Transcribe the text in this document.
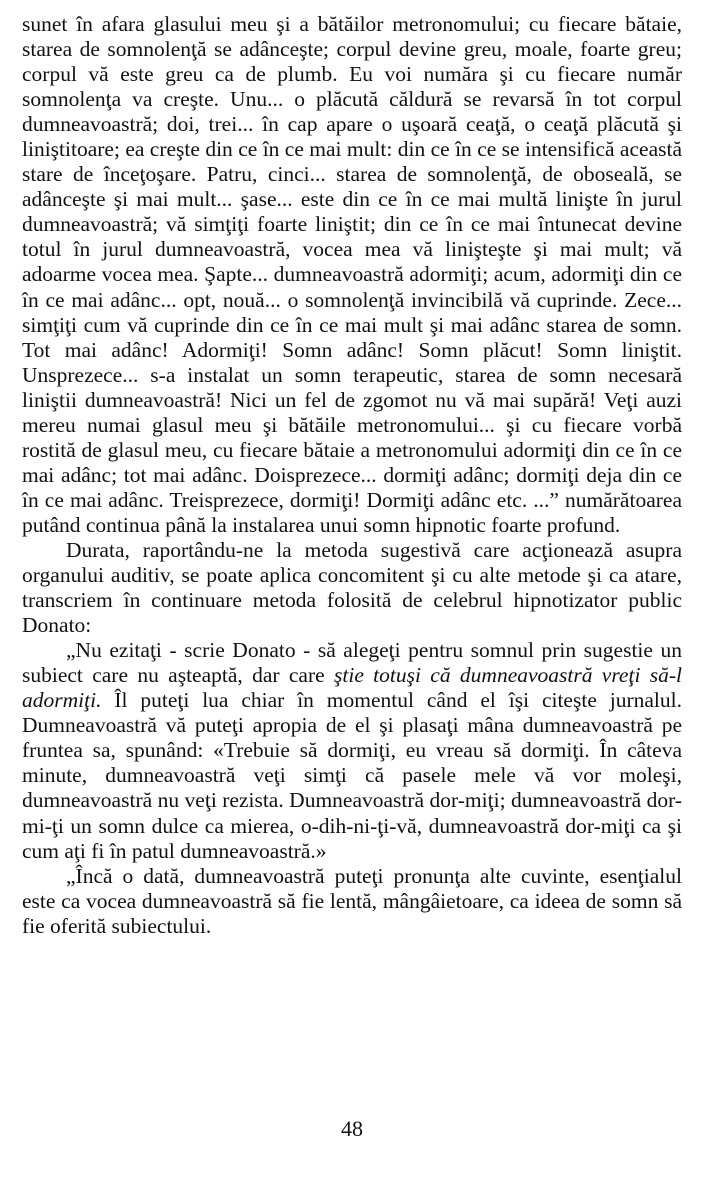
sunet în afara glasului meu şi a bătăilor metronomului; cu fiecare bătaie, starea de somnolenţă se adânceşte; corpul devine greu, moale, foarte greu; corpul vă este greu ca de plumb. Eu voi număra şi cu fiecare număr somnolenţa va creşte. Unu... o plăcută căldură se revarsă în tot corpul dumneavoastră; doi, trei... în cap apare o uşoară ceaţă, o ceaţă plăcută şi liniştitoare; ea creşte din ce în ce mai mult: din ce în ce se intensifică această stare de înceţoşare. Patru, cinci... starea de somnolenţă, de oboseală, se adânceşte şi mai mult... şase... este din ce în ce mai multă linişte în jurul dumneavoastră; vă simţiţi foarte liniştit; din ce în ce mai întunecat devine totul în jurul dumneavoastră, vocea mea vă linişteşte şi mai mult; vă adoarme vocea mea. Şapte... dumneavoastră adormiţi; acum, adormiţi din ce în ce mai adânc... opt, nouă... o somnolenţă invincibilă vă cuprinde. Zece... simţiţi cum vă cuprinde din ce în ce mai mult şi mai adânc starea de somn. Tot mai adânc! Adormiţi! Somn adânc! Somn plăcut! Somn liniştit. Unsprezece... s-a instalat un somn terapeutic, starea de somn necesară liniştii dumneavoastră! Nici un fel de zgomot nu vă mai supără! Veţi auzi mereu numai glasul meu şi bătăile metronomului... şi cu fiecare vorbă rostită de glasul meu, cu fiecare bătaie a metronomului adormiţi din ce în ce mai adânc; tot mai adânc. Doisprezece... dormiţi adânc; dormiţi deja din ce în ce mai adânc. Treisprezece, dormiţi! Dormiţi adânc etc. ...” numărătoarea putând continua până la instalarea unui somn hipnotic foarte profund.

Durata, raportându-ne la metoda sugestivă care acţionează asupra organului auditiv, se poate aplica concomitent şi cu alte metode şi ca atare, transcriem în continuare metoda folosită de celebrul hipnotizator public Donato:

„Nu ezitaţi - scrie Donato - să alegeţi pentru somnul prin sugestie un subiect care nu aşteaptă, dar care ştie totuşi că dumneavoastră vreţi să-l adormiţi. Îl puteţi lua chiar în momentul când el îşi citeşte jurnalul. Dumneavoastră vă puteţi apropia de el şi plasaţi mâna dumneavoastră pe fruntea sa, spunând: «Trebuie să dormiţi, eu vreau să dormiţi. În câteva minute, dumneavoastră veţi simţi că pasele mele vă vor moleşi, dumneavoastră nu veţi rezista. Dumneavoastră dor-miţi; dumneavoastră dor-mi-ţi un somn dulce ca mierea, o-dih-ni-ţi-vă, dumneavoastră dor-miţi ca şi cum aţi fi în patul dumneavoastră.»

„Încă o dată, dumneavoastră puteţi pronunţa alte cuvinte, esenţialul este ca vocea dumneavoastră să fie lentă, mângâietoare, ca ideea de somn să fie oferită subiectului.

48
